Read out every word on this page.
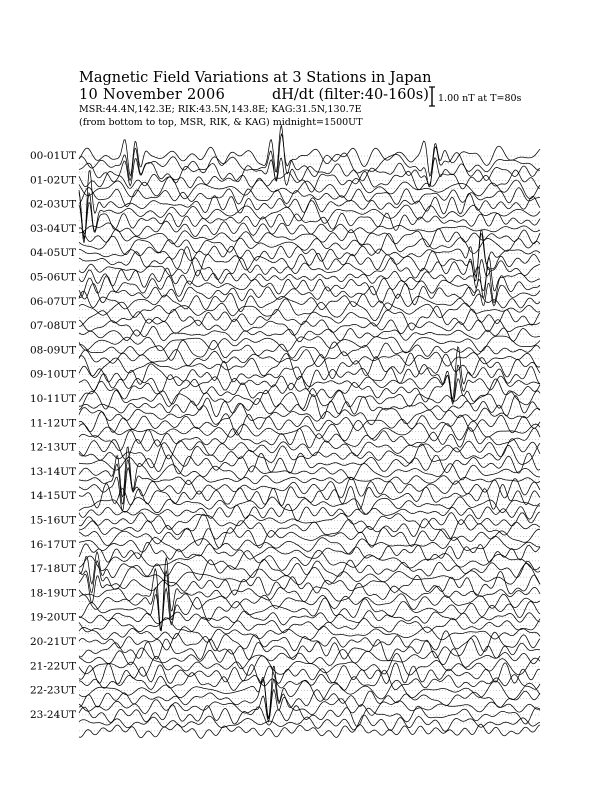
Magnetic Field Variations at 3 Stations in Japan
10 November 2006	dH/dt (filter:40-160s)
MSR:44.4N,142.3E; RIK:43.5N,143.8E; KAG:31.5N,130.7E
(from bottom to top, MSR, RIK, & KAG) midnight=1500UT
1.00 nT at T=80s
00-01UT
01-02UT
02-03UT
03-04UT
04-05UT
05-06UT
06-07UT
07-08UT
08-09UT
09-10UT
10-11UT
11-12UT
12-13UT
13-14UT
14-15UT
15-16UT
16-17UT
17-18UT
18-19UT
19-20UT
20-21UT
21-22UT
22-23UT
23-24UT
